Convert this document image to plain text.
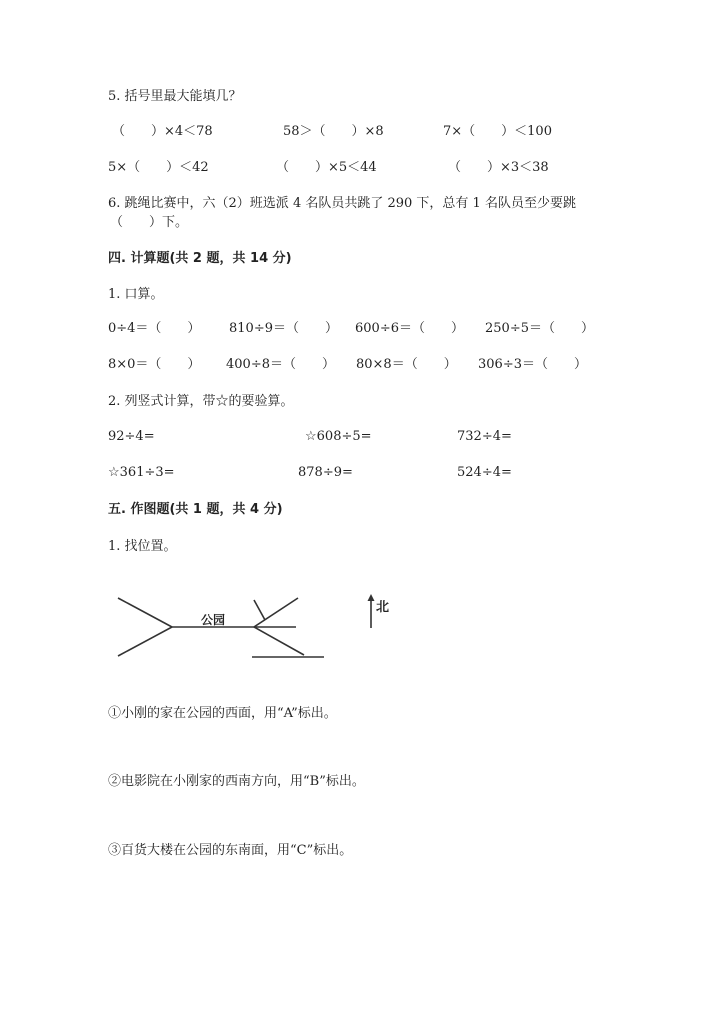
5. 括号里最大能填几？
（　　）×4＜78	58＞（　　）×8	7×（　　）＜100
5×（　　）＜42	（　　）×5＜44	（　　）×3＜38
6. 跳绳比赛中，六（2）班选派 4 名队员共跳了 290 下，总有 1 名队员至少要跳
（　　）下。
四. 计算题(共 2 题，共 14 分)
1. 口算。
0÷4＝（　　） 810÷9＝（　　） 600÷6＝（　　） 250÷5＝（　　）
8×0＝（　　） 400÷8＝（　　） 80×8＝（　　） 306÷3＝（　　）
2. 列竖式计算，带☆的要验算。
92÷4=	☆608÷5=	732÷4=
☆361÷3=	878÷9=	524÷4=
五. 作图题(共 1 题，共 4 分)
1. 找位置。
公园
北
①小刚的家在公园的西面，用“A”标出。
②电影院在小刚家的西南方向，用“B”标出。
③百货大楼在公园的东南面，用“C”标出。
